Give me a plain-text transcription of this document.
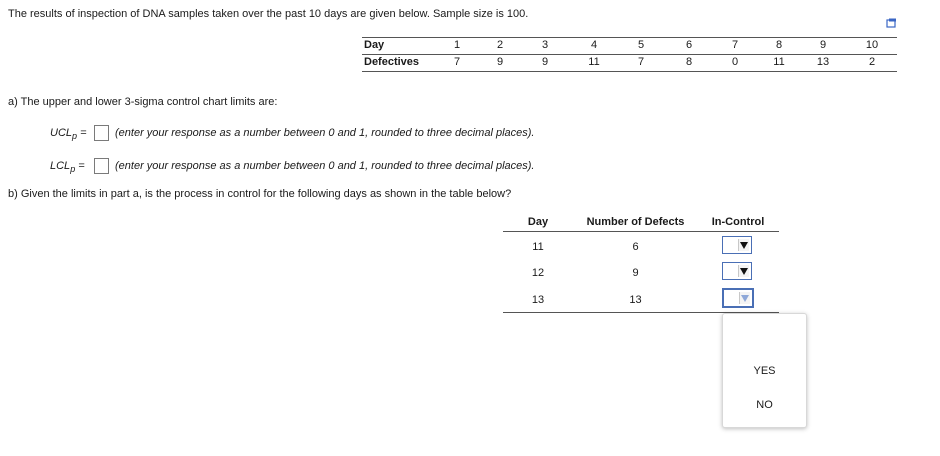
The results of inspection of DNA samples taken over the past 10 days are given below. Sample size is 100.
Day	1	2	3	4	5	6	7	8	9	10
Defectives	7	9	9	11	7	8	0	11	13	2
a) The upper and lower 3-sigma control chart limits are:
$UCL_p$ =	(enter your response as a number between 0 and 1, rounded to three decimal places).
$LCL_p$ =	(enter your response as a number between 0 and 1, rounded to three decimal places).
b) Given the limits in part a, is the process in control for the following days as shown in the table below?
Day	Number of Defects	In-Control
11	6
12	9
13	13
YES
NO
